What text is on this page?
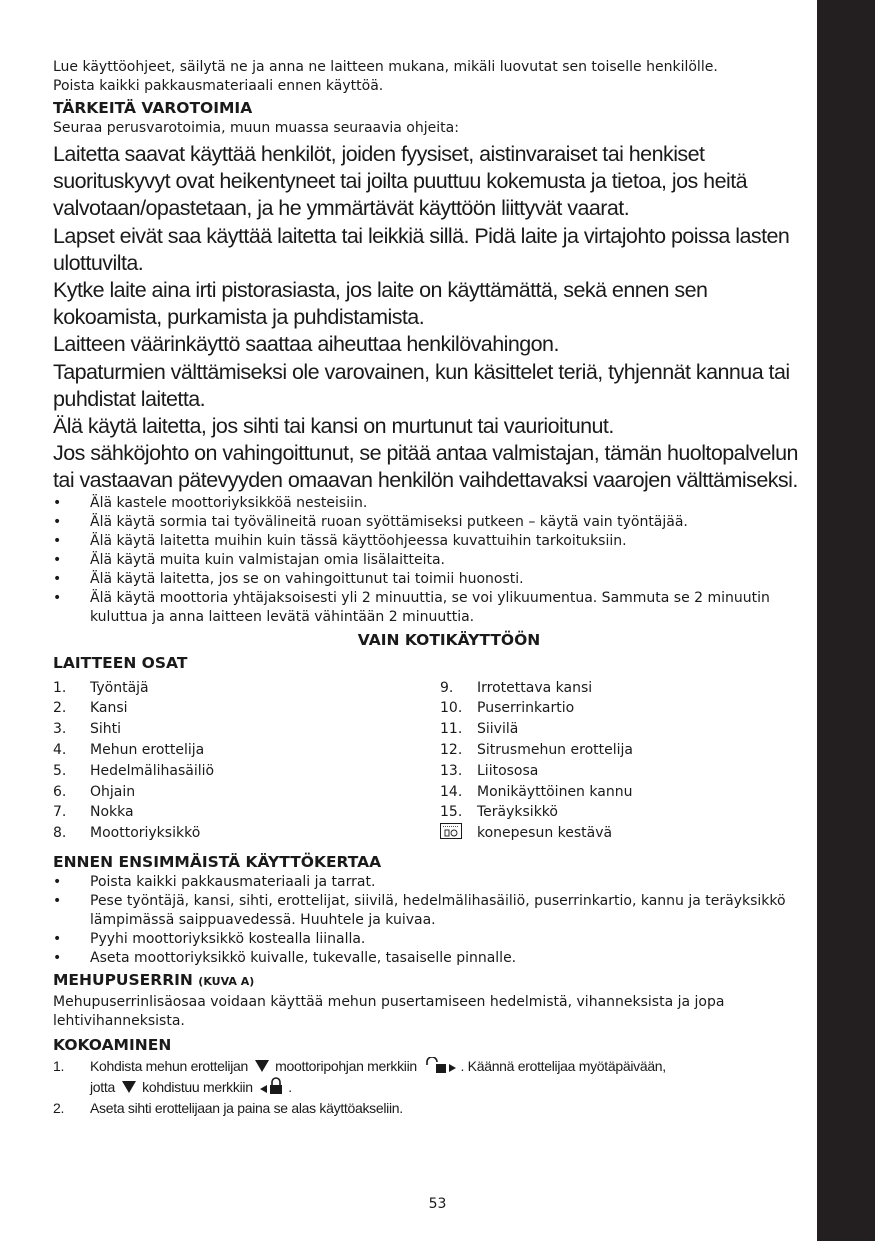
käyttöohjeet

Lue käyttöohjeet, säilytä ne ja anna ne laitteen mukana, mikäli luovutat sen toiselle henkilölle.

Poista kaikki pakkausmateriaali ennen käyttöä.

TÄRKEITÄ VAROTOIMIA

Seuraa perusvarotoimia, muun muassa seuraavia ohjeita:

Laitetta saavat käyttää henkilöt, joiden fyysiset, aistinvaraiset tai henkiset suorituskyvyt ovat heikentyneet tai joilta puuttuu kokemusta ja tietoa, jos heitä valvotaan/opastetaan, ja he ymmärtävät käyttöön liittyvät vaarat.

Lapset eivät saa käyttää laitetta tai leikkiä sillä. Pidä laite ja virtajohto poissa lasten ulottuvilta.

Kytke laite aina irti pistorasiasta, jos laite on käyttämättä, sekä ennen sen kokoamista, purkamista ja puhdistamista.

Laitteen väärinkäyttö saattaa aiheuttaa henkilövahingon.

Tapaturmien välttämiseksi ole varovainen, kun käsittelet teriä, tyhjennät kannua tai puhdistat laitetta.

Älä käytä laitetta, jos sihti tai kansi on murtunut tai vaurioitunut.

Jos sähköjohto on vahingoittunut, se pitää antaa valmistajan, tämän huoltopalvelun tai vastaavan pätevyyden omaavan henkilön vaihdettavaksi vaarojen välttämiseksi.

• Älä kastele moottoriyksikköä nesteisiin.
• Älä käytä sormia tai työvälineitä ruoan syöttämiseksi putkeen – käytä vain työntäjää.
• Älä käytä laitetta muihin kuin tässä käyttöohjeessa kuvattuihin tarkoituksiin.
• Älä käytä muita kuin valmistajan omia lisälaitteita.
• Älä käytä laitetta, jos se on vahingoittunut tai toimii huonosti.
• Älä käytä moottoria yhtäjaksoisesti yli 2 minuuttia, se voi ylikuumentua. Sammuta se 2 minuutin kuluttua ja anna laitteen levätä vähintään 2 minuuttia.

VAIN KOTIKÄYTTÖÖN

LAITTEEN OSAT

1.	Työntäjä
2.	Kansi
3.	Sihti
4.	Mehun erottelija
5.	Hedelmälihasäiliö
6.	Ohjain
7.	Nokka
8.	Moottoriyksikkö
9.	Irrotettava kansi
10.	Puserrinkartio
11.	Siivilä
12.	Sitrusmehun erottelija
13.	Liitososa
14.	Monikäyttöinen kannu
15.	Teräyksikkö
konepesun kestävä

ENNEN ENSIMMÄISTÄ KÄYTTÖKERTAA

• Poista kaikki pakkausmateriaali ja tarrat.
• Pese työntäjä, kansi, sihti, erottelijat, siivilä, hedelmälihasäiliö, puserrinkartio, kannu ja teräyksikkö lämpimässä saippuavedessä. Huuhtele ja kuivaa.
• Pyyhi moottoriyksikkö kostealla liinalla.
• Aseta moottoriyksikkö kuivalle, tukevalle, tasaiselle pinnalle.

MEHUPUSERRIN (KUVA A)

Mehupuserrinlisäosaa voidaan käyttää mehun pusertamiseen hedelmistä, vihanneksista ja jopa lehtivihanneksista.

KOKOAMINEN

1.	Kohdista mehun erottelijan moottoripohjan merkkiin	. Käännä erottelijaa myötäpäivään,
jotta kohdistuu merkkiin	.
2.	Aseta sihti erottelijaan ja paina se alas käyttöakseliin.
53
